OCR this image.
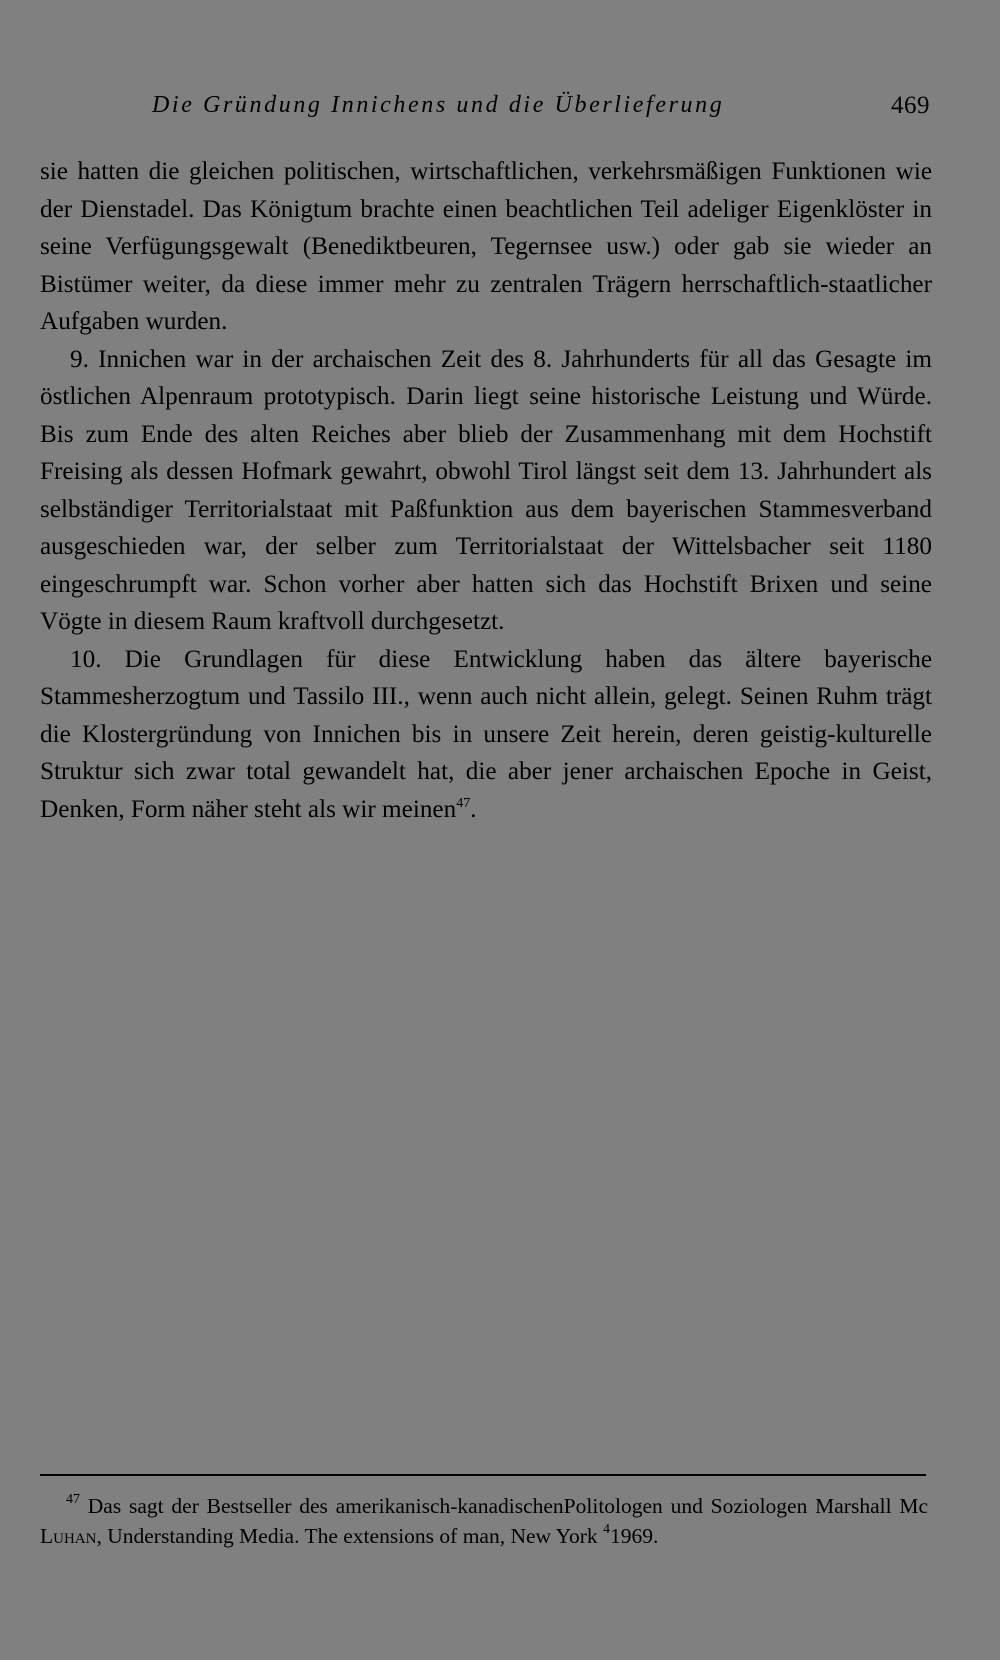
Die Gründung Innichens und die Überlieferung	469

sie hatten die gleichen politischen, wirtschaftlichen, verkehrsmäßigen Funktionen wie der Dienstadel. Das Königtum brachte einen beachtlichen Teil adeliger Eigenklöster in seine Verfügungsgewalt (Benediktbeuren, Tegernsee usw.) oder gab sie wieder an Bistümer weiter, da diese immer mehr zu zentralen Trägern herrschaftlich-staatlicher Aufgaben wurden.

9. Innichen war in der archaischen Zeit des 8. Jahrhunderts für all das Gesagte im östlichen Alpenraum prototypisch. Darin liegt seine historische Leistung und Würde. Bis zum Ende des alten Reiches aber blieb der Zusammenhang mit dem Hochstift Freising als dessen Hofmark gewahrt, obwohl Tirol längst seit dem 13. Jahrhundert als selbständiger Territorialstaat mit Paßfunktion aus dem bayerischen Stammesverband ausgeschieden war, der selber zum Territorialstaat der Wittelsbacher seit 1180 eingeschrumpft war. Schon vorher aber hatten sich das Hochstift Brixen und seine Vögte in diesem Raum kraftvoll durchgesetzt.

10. Die Grundlagen für diese Entwicklung haben das ältere bayerische Stammesherzogtum und Tassilo III., wenn auch nicht allein, gelegt. Seinen Ruhm trägt die Klostergründung von Innichen bis in unsere Zeit herein, deren geistig-kulturelle Struktur sich zwar total gewandelt hat, die aber jener archaischen Epoche in Geist, Denken, Form näher steht als wir meinen$^{47}$.

$^{47}$ Das sagt der Bestseller des amerikanisch-kanadischenPolitologen und Soziologen Marshall Mc Luhan, Understanding Media. The extensions of man, New York $^4$1969.
